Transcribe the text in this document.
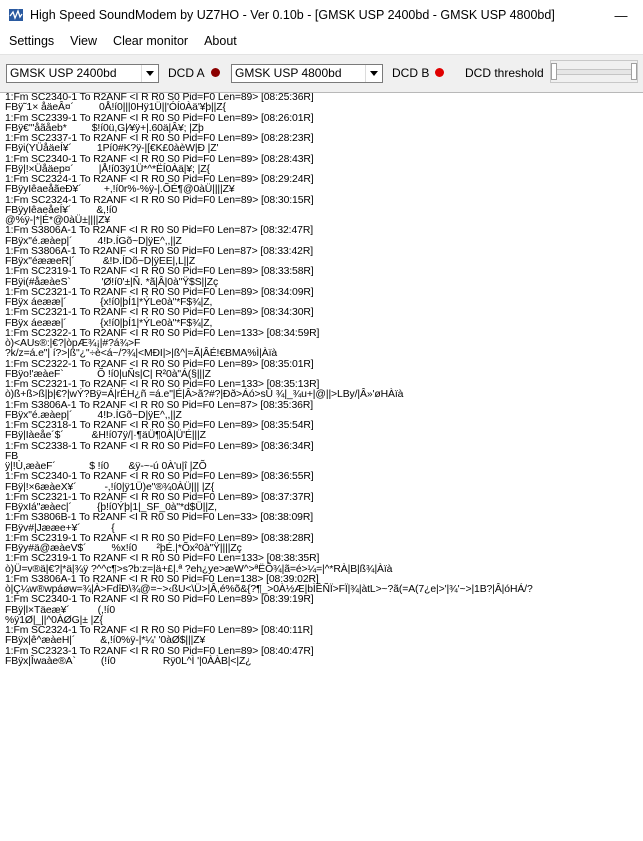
High Speed SoundModem by UZ7HO - Ver 0.10b - [GMSK USP 2400bd - GMSK USP 4800bd]	—
Settings	View	Clear monitor	About
GMSK USP 2400bd	DCD A	GMSK USP 4800bd	DCD B	DCD threshold
1:Fm SC2340-1 To R2ANF <I R R0 S0 Pid=F0 Len=89> [08:25:36R]
FBÿ˜1× åäeÂ¤´         0Å!í0|||0Hÿ1Ü||'ÓÍ0Àä'¥þ||Z{
1:Fm SC2339-1 To R2ANF <I R R0 S0 Pid=F0 Len=89> [08:26:01R]
FBÿ€"'åãåeb*         $!í0ü,G|⁄¥ÿ+|.60ä|Â¥; |Zþ
1:Fm SC2337-1 To R2ANF <I R R0 S0 Pid=F0 Len=89> [08:28:23R]
FBÿi(YÜåäeÍ¥´         1Pí0#K?ÿ-|[€K£0àèW|Ð |Z'
1:Fm SC2340-1 To R2ANF <I R R0 S0 Pid=F0 Len=89> [08:28:43R]
FBÿ|!×Üåäep¤´         |Å!í03ÿ1Ü*^*ËÍ0Àä|¥; |Z{
1:Fm SC2324-1 To R2ANF <I R R0 S0 Pid=F0 Len=89> [08:29:24R]
FBÿyIêaeåãeÐ¥´        +,!í0r%-%ÿ-|.ÕÉ¶@0àÜ||||Z¥
1:Fm SC2324-1 To R2ANF <I R R0 S0 Pid=F0 Len=89> [08:30:15R]
FBÿyIêaeåeÍ¥´         &,!í0
@%ÿ-|*|É*@0àÜ±||||Z¥
1:Fm S3806A-1 To R2ANF <I R R0 S0 Pid=F0 Len=87> [08:32:47R]
FBÿx"é.æàep|´         4!Þ.ÍGõ~D|ÿE^,,||Z
1:Fm S3806A-1 To R2ANF <I R R0 S0 Pid=F0 Len=87> [08:33:42R]
FBÿx"éææeR|´          &!Þ.ÍDõ~D|ÿEE|,L||Z
1:Fm SC2319-1 To R2ANF <I R R0 S0 Pid=F0 Len=89> [08:33:58R]
FBÿi(#åæàeS`           'Ø!í0'±|Ñ. *ã|Â|0à"Ÿ$S||Zç
1:Fm SC2321-1 To R2ANF <I R R0 S0 Pid=F0 Len=89> [08:34:09R]
FBÿx áeææ|´            {x!í0|þÍ1|*ÝLe0à"*F$¾|Z,
1:Fm SC2321-1 To R2ANF <I R R0 S0 Pid=F0 Len=89> [08:34:30R]
FBÿx áeææ|´            {x!í0|þÍ1|*ÝLe0à"*F$¾|Z,
1:Fm SC2322-1 To R2ANF <I R R0 S0 Pid=F0 Len=133> [08:34:59R]
ò)<AUs®:|€?|òpÆ¾¡|#?á¾>F
?k/z=á.e"| í?>|ß"¿"÷è<á~/?¾|<MÐI|>|ß^|=Ã|ÂÉ!€BMA%Ì|Àïà
1:Fm SC2322-1 To R2ANF <I R R0 S0 Pid=F0 Len=89> [08:35:01R]
FBÿo!'æàeF`            Õ !í0|uÑs|C| R²0à"Á(§|||Z
1:Fm SC2321-1 To R2ANF <I R R0 S0 Pid=F0 Len=133> [08:35:13R]
ò)ß+ß>ß|þ|€?|wÝ?Bÿ=Á|rÉH¿ñ =á.e"|É|Â>ã?#?|Ðð>Áó>sÜ ¾|_¾u+|@||>LBy/|Â»'øHÀïà
1:Fm S3806A-1 To R2ANF <I R R0 S0 Pid=F0 Len=87> [08:35:36R]
FBÿx"é.æàep|´         4!Þ.ÍGõ~D|ÿE^,,||Z
1:Fm SC2318-1 To R2ANF <I R R0 S0 Pid=F0 Len=89> [08:35:54R]
FBÿ|Iàeåe´$´          &H!í07ÿ/|·¶äÜ¶0À|Ü'É|||Z
1:Fm SC2338-1 To R2ANF <I R R0 S0 Pid=F0 Len=89> [08:36:34R]
FB
ÿ|!Ù,æàeF´            $ !í0       &ÿ-~-ú 0À'u|î |ZÕ
1:Fm SC2340-1 To R2ANF <I R R0 S0 Pid=F0 Len=89> [08:36:55R]
FBÿ|!×6æàeX¥´          -,!í0|ÿ1Ü)e"®¾0ÀÜ||| |Z{
1:Fm SC2321-1 To R2ANF <I R R0 S0 Pid=F0 Len=89> [08:37:37R]
FBÿxIá"æàec|´         {þ!í0Ýþ|1|_SF_0à"*d$Ü||Z,
1:Fm S3806B-1 To R2ANF <I R R0 S0 Pid=F0 Len=33> [08:38:09R]
FBÿv#|Jææe+¥´           {
1:Fm SC2319-1 To R2ANF <I R R0 S0 Pid=F0 Len=89> [08:38:28R]
FBÿy#ä@æàeV$´         %x!í0       ²þÉ.|*Õx²0à"Ÿ||||Zç
1:Fm SC2319-1 To R2ANF <I R R0 S0 Pid=F0 Len=133> [08:38:35R]
ò)Ü=v®ä|€?|*ä|¾ÿ ?^^c¶>s?b:z=|ä+£|.ª ?eh¿ye>æW^>ªËÕ¾|ã=é>¼=|^*RÀ|B|ß¾|Àïà
1:Fm S3806A-1 To R2ANF <I R R0 S0 Pid=F0 Len=138> [08:39:02R]
ò|Ç¼w®wpáøw=¾|À>FdîÐ\¾@=~>‹ßU<\Ü>|Â,é%õ&{?¶_>0À½Æ|bÌÊÑÏ>FÏ|¾|àtL>~?ã(=A(7¿e|>'|¾'~>|1B?|Â|óHÁ/?
1:Fm SC2340-1 To R2ANF <I R R0 S0 Pid=F0 Len=89> [08:39:19R]
FBÿ|l×Täeæ¥´          (,!í0
%ÿ1Ø|_||^0ÀØG|± |Z{
1:Fm SC2324-1 To R2ANF <I R R0 S0 Pid=F0 Len=89> [08:40:11R]
FBÿx|ê^æàeH|´         &,!í0%ÿ-|*¼' '0àØ$|||Z¥
1:Fm SC2323-1 To R2ANF <I R R0 S0 Pid=F0 Len=89> [08:40:47R]
FBÿx|Îwaàe®A`         (!í0                 Rÿ0L^Ì '|0ÀÀB|<|Z¿
